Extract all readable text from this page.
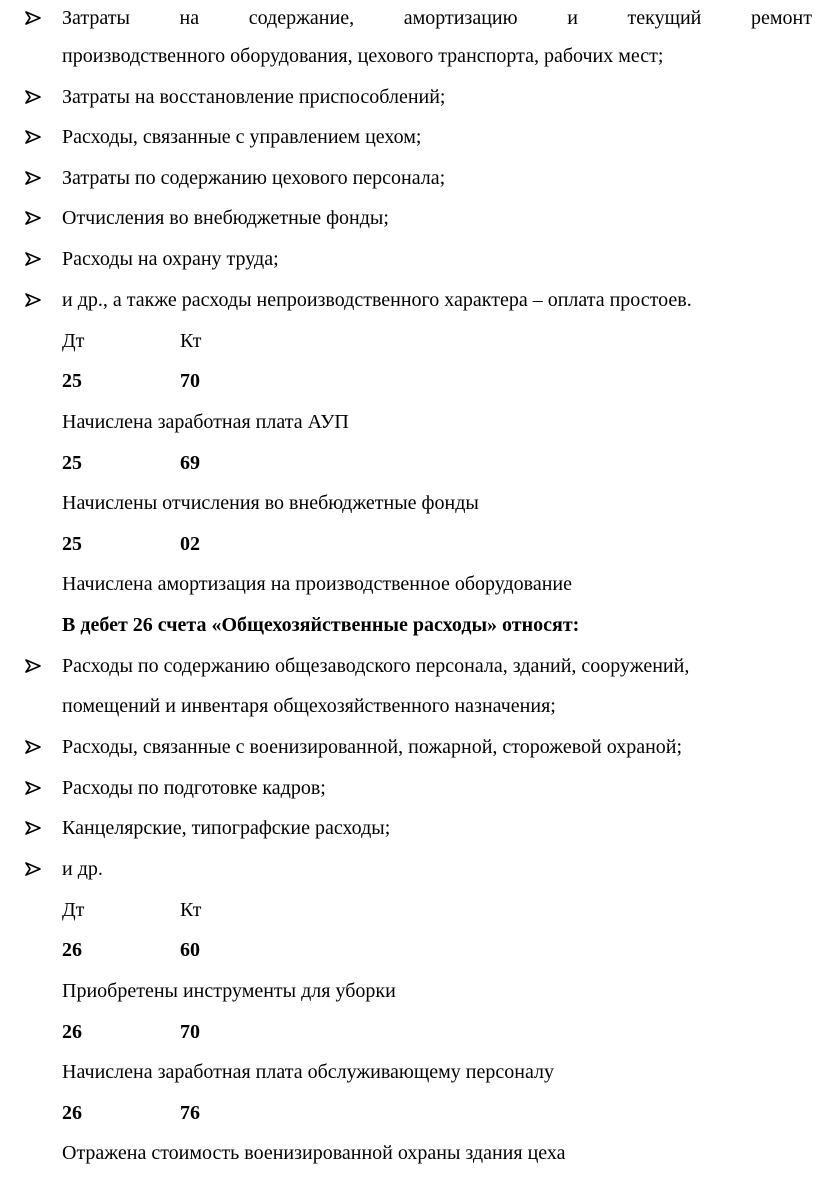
Затраты на содержание, амортизацию и текущий ремонт
производственного оборудования, цехового транспорта, рабочих мест;
Затраты на восстановление приспособлений;
Расходы, связанные с управлением цехом;
Затраты по содержанию цехового персонала;
Отчисления во внебюджетные фонды;
Расходы на охрану труда;
и др., а также расходы непроизводственного характера – оплата простоев.
Дт	Кт
25	70
Начислена заработная плата АУП
25	69
Начислены отчисления во внебюджетные фонды
25	02
Начислена амортизация на производственное оборудование
В дебет 26 счета «Общехозяйственные расходы» относят:
Расходы по содержанию общезаводского персонала, зданий, сооружений,
помещений и инвентаря общехозяйственного назначения;
Расходы, связанные с военизированной, пожарной, сторожевой охраной;
Расходы по подготовке кадров;
Канцелярские, типографские расходы;
и др.
Дт	Кт
26	60
Приобретены инструменты для уборки
26	70
Начислена заработная плата обслуживающему персоналу
26	76
Отражена стоимость военизированной охраны здания цеха
